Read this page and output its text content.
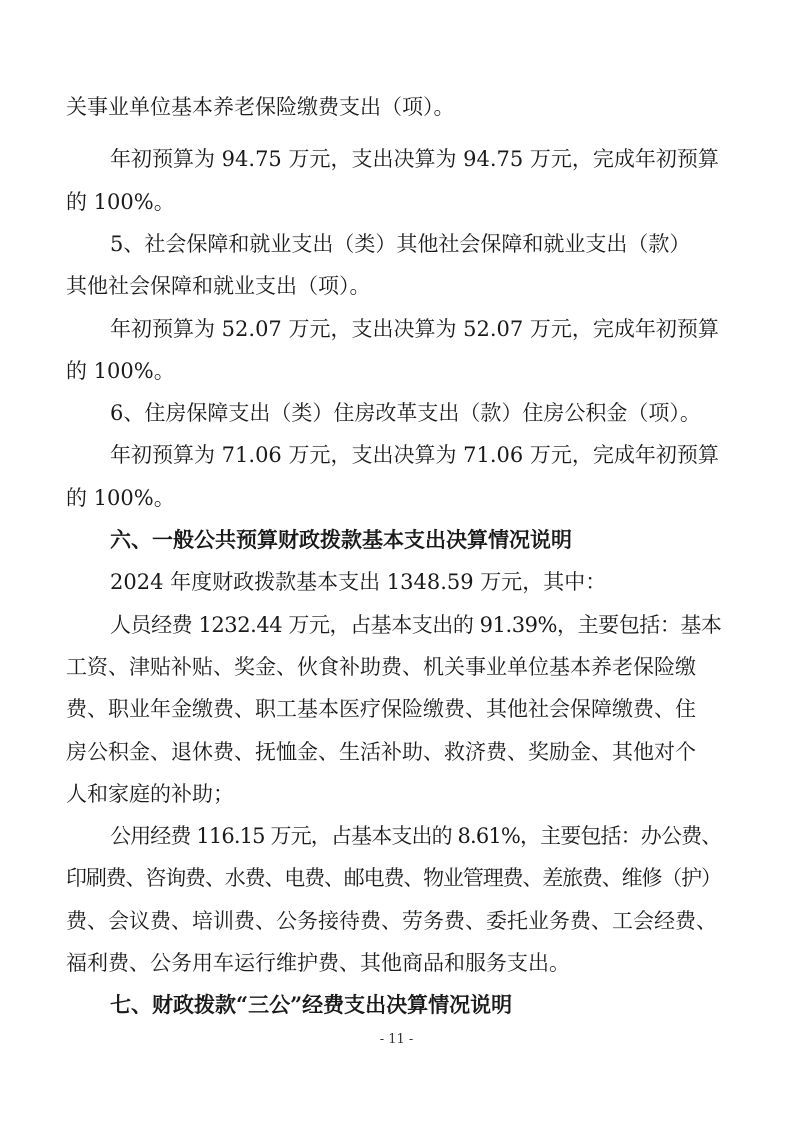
关事业单位基本养老保险缴费支出（项）。
年初预算为 94.75 万元，支出决算为 94.75 万元，完成年初预算
的 100%。
5、社会保障和就业支出（类）其他社会保障和就业支出（款）
其他社会保障和就业支出（项）。
年初预算为 52.07 万元，支出决算为 52.07 万元，完成年初预算
的 100%。
6、住房保障支出（类）住房改革支出（款）住房公积金（项）。
年初预算为 71.06 万元，支出决算为 71.06 万元，完成年初预算
的 100%。
六、一般公共预算财政拨款基本支出决算情况说明
2024 年度财政拨款基本支出 1348.59 万元，其中：
人员经费 1232.44 万元，占基本支出的 91.39%，主要包括：基本
工资、津贴补贴、奖金、伙食补助费、机关事业单位基本养老保险缴
费、职业年金缴费、职工基本医疗保险缴费、其他社会保障缴费、住
房公积金、退休费、抚恤金、生活补助、救济费、奖励金、其他对个
人和家庭的补助；
公用经费 116.15 万元，占基本支出的 8.61%，主要包括：办公费、
印刷费、咨询费、水费、电费、邮电费、物业管理费、差旅费、维修（护）
费、会议费、培训费、公务接待费、劳务费、委托业务费、工会经费、
福利费、公务用车运行维护费、其他商品和服务支出。
七、财政拨款“三公”经费支出决算情况说明
- 11 -
